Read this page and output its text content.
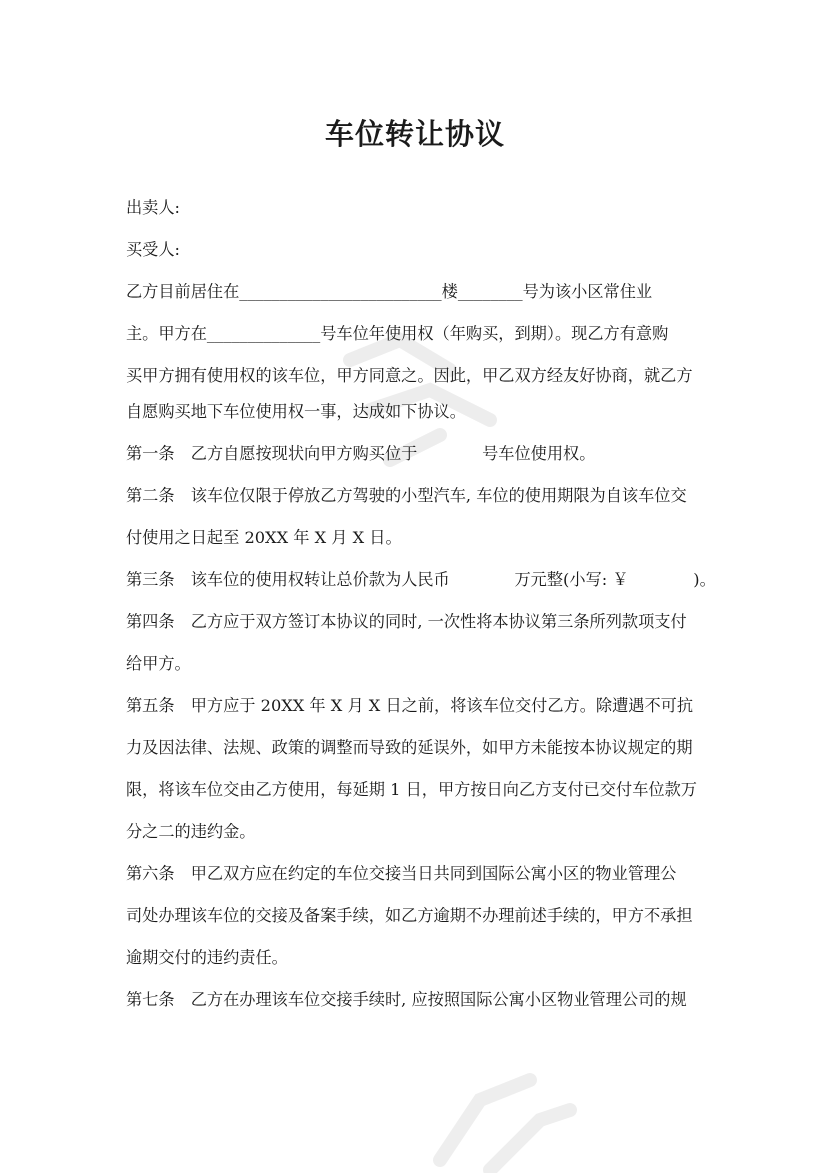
车位转让协议

出卖人:

买受人:

乙方目前居住在_________________________楼________号为该小区常住业

主。甲方在______________号车位年使用权（年购买，到期）。现乙方有意购

买甲方拥有使用权的该车位，甲方同意之。因此，甲乙双方经友好协商，就乙方

自愿购买地下车位使用权一事，达成如下协议。

第一条　乙方自愿按现状向甲方购买位于　　　　号车位使用权。

第二条　该车位仅限于停放乙方驾驶的小型汽车, 车位的使用期限为自该车位交

付使用之日起至 20XX 年 X 月 X 日。

第三条　该车位的使用权转让总价款为人民币　　　　万元整(小写: ￥　　　　)。

第四条　乙方应于双方签订本协议的同时, 一次性将本协议第三条所列款项支付

给甲方。

第五条　甲方应于 20XX 年 X 月 X 日之前，将该车位交付乙方。除遭遇不可抗

力及因法律、法规、政策的调整而导致的延误外，如甲方未能按本协议规定的期

限，将该车位交由乙方使用，每延期 1 日，甲方按日向乙方支付已交付车位款万

分之二的违约金。

第六条　甲乙双方应在约定的车位交接当日共同到国际公寓小区的物业管理公

司处办理该车位的交接及备案手续，如乙方逾期不办理前述手续的，甲方不承担

逾期交付的违约责任。

第七条　乙方在办理该车位交接手续时, 应按照国际公寓小区物业管理公司的规
